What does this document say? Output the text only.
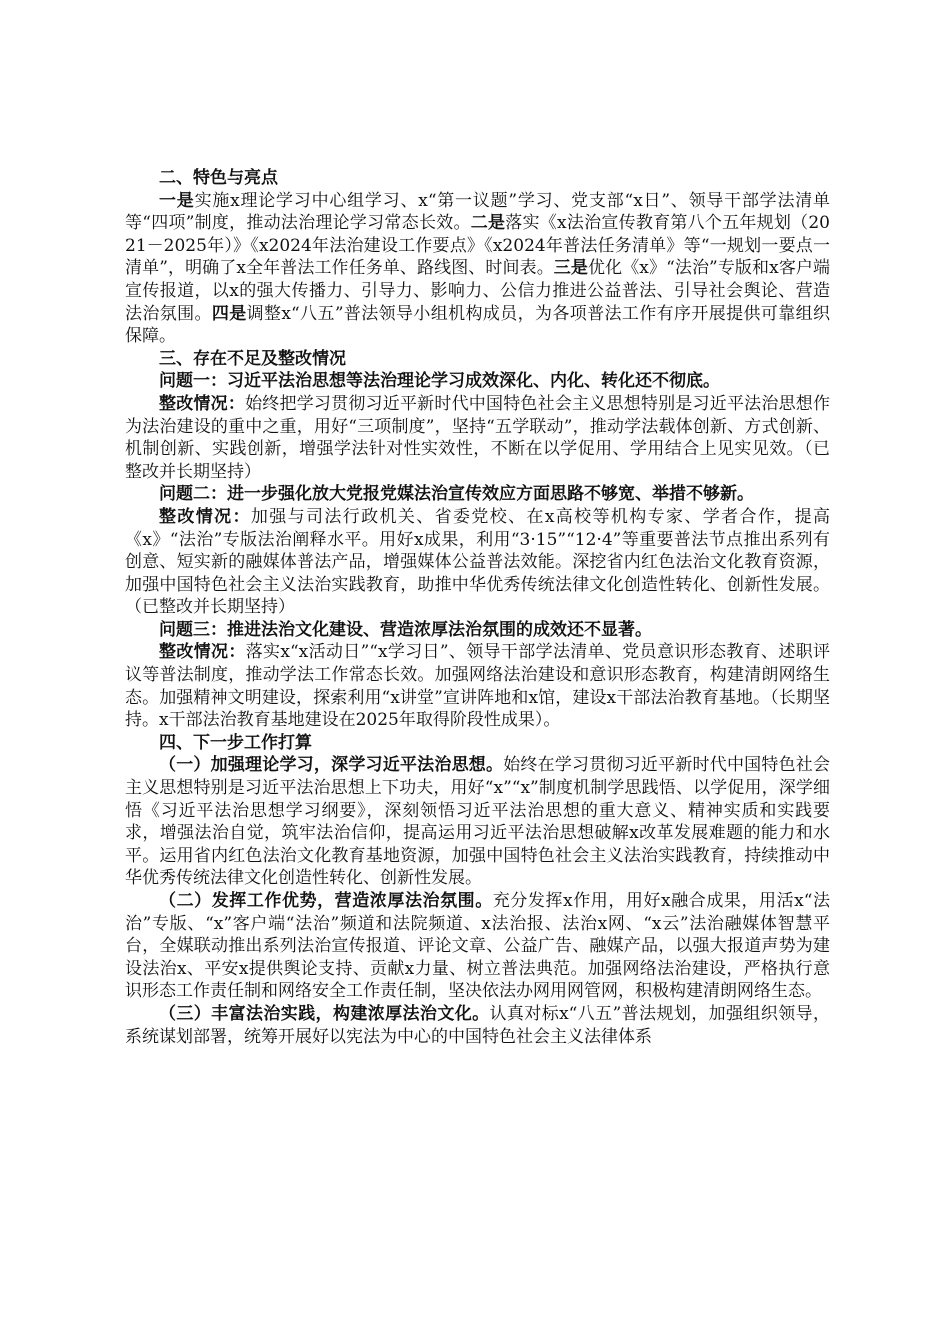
二、特色与亮点

一是实施x理论学习中心组学习、x“第一议题”学习、党支部“x日”、领导干部学法清单等“四项”制度，推动法治理论学习常态长效。二是落实《x法治宣传教育第八个五年规划（2021－2025年）》《x2024年法治建设工作要点》《x2024年普法任务清单》等“一规划一要点一清单”，明确了x全年普法工作任务单、路线图、时间表。三是优化《x》“法治”专版和x客户端宣传报道，以x的强大传播力、引导力、影响力、公信力推进公益普法、引导社会舆论、营造法治氛围。四是调整x“八五”普法领导小组机构成员，为各项普法工作有序开展提供可靠组织保障。

三、存在不足及整改情况

问题一：习近平法治思想等法治理论学习成效深化、内化、转化还不彻底。

整改情况：始终把学习贯彻习近平新时代中国特色社会主义思想特别是习近平法治思想作为法治建设的重中之重，用好“三项制度”，坚持“五学联动”，推动学法载体创新、方式创新、机制创新、实践创新，增强学法针对性实效性，不断在以学促用、学用结合上见实见效。（已整改并长期坚持）

问题二：进一步强化放大党报党媒法治宣传效应方面思路不够宽、举措不够新。

整改情况：加强与司法行政机关、省委党校、在x高校等机构专家、学者合作，提高《x》“法治”专版法治阐释水平。用好x成果，利用“3·15”“12·4”等重要普法节点推出系列有创意、短实新的融媒体普法产品，增强媒体公益普法效能。深挖省内红色法治文化教育资源，加强中国特色社会主义法治实践教育，助推中华优秀传统法律文化创造性转化、创新性发展。（已整改并长期坚持）

问题三：推进法治文化建设、营造浓厚法治氛围的成效还不显著。

整改情况：落实x“x活动日”“x学习日”、领导干部学法清单、党员意识形态教育、述职评议等普法制度，推动学法工作常态长效。加强网络法治建设和意识形态教育，构建清朗网络生态。加强精神文明建设，探索利用“x讲堂”宣讲阵地和x馆，建设x干部法治教育基地。（长期坚持。x干部法治教育基地建设在2025年取得阶段性成果）。

四、下一步工作打算

（一）加强理论学习，深学习近平法治思想。始终在学习贯彻习近平新时代中国特色社会主义思想特别是习近平法治思想上下功夫，用好“x”“x”制度机制学思践悟、以学促用，深学细悟《习近平法治思想学习纲要》，深刻领悟习近平法治思想的重大意义、精神实质和实践要求，增强法治自觉，筑牢法治信仰，提高运用习近平法治思想破解x改革发展难题的能力和水平。运用省内红色法治文化教育基地资源，加强中国特色社会主义法治实践教育，持续推动中华优秀传统法律文化创造性转化、创新性发展。

（二）发挥工作优势，营造浓厚法治氛围。充分发挥x作用，用好x融合成果，用活x“法治”专版、“x”客户端“法治”频道和法院频道、x法治报、法治x网、“x云”法治融媒体智慧平台，全媒联动推出系列法治宣传报道、评论文章、公益广告、融媒产品，以强大报道声势为建设法治x、平安x提供舆论支持、贡献x力量、树立普法典范。加强网络法治建设，严格执行意识形态工作责任制和网络安全工作责任制，坚决依法办网用网管网，积极构建清朗网络生态。

（三）丰富法治实践，构建浓厚法治文化。认真对标x“八五”普法规划，加强组织领导，系统谋划部署，统筹开展好以宪法为中心的中国特色社会主义法律体系
